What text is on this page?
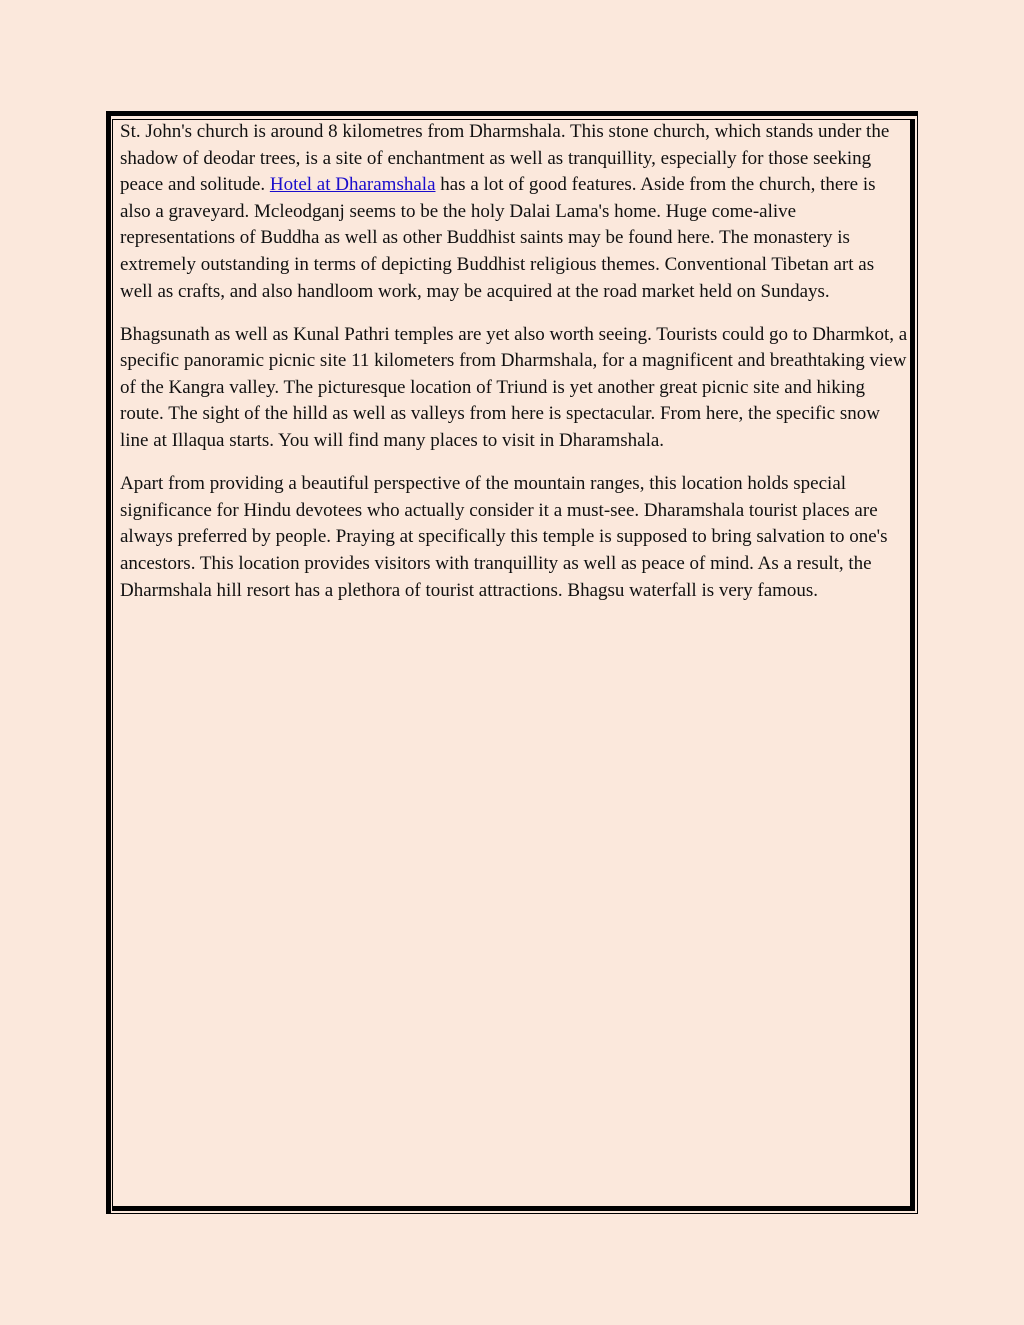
St. John's church is around 8 kilometres from Dharmshala. This stone church, which stands under the shadow of deodar trees, is a site of enchantment as well as tranquillity, especially for those seeking peace and solitude. Hotel at Dharamshala has a lot of good features. Aside from the church, there is also a graveyard. Mcleodganj seems to be the holy Dalai Lama's home. Huge come-alive representations of Buddha as well as other Buddhist saints may be found here. The monastery is extremely outstanding in terms of depicting Buddhist religious themes. Conventional Tibetan art as well as crafts, and also handloom work, may be acquired at the road market held on Sundays.

Bhagsunath as well as Kunal Pathri temples are yet also worth seeing. Tourists could go to Dharmkot, a specific panoramic picnic site 11 kilometers from Dharmshala, for a magnificent and breathtaking view of the Kangra valley. The picturesque location of Triund is yet another great picnic site and hiking route. The sight of the hilld as well as valleys from here is spectacular. From here, the specific snow line at Illaqua starts. You will find many places to visit in Dharamshala.

Apart from providing a beautiful perspective of the mountain ranges, this location holds special significance for Hindu devotees who actually consider it a must-see. Dharamshala tourist places are always preferred by people. Praying at specifically this temple is supposed to bring salvation to one's ancestors. This location provides visitors with tranquillity as well as peace of mind. As a result, the Dharmshala hill resort has a plethora of tourist attractions. Bhagsu waterfall is very famous.
